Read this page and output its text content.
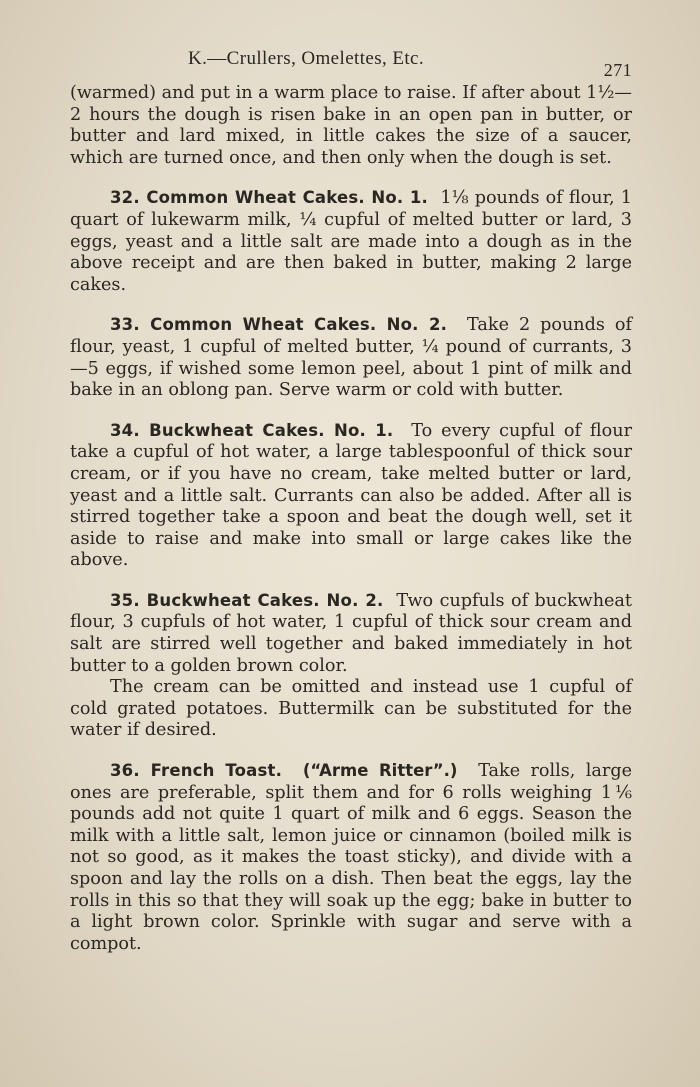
K.—Crullers, Omelettes, Etc.
271

(warmed) and put in a warm place to raise. If after about 1½—2 hours the dough is risen bake in an open pan in butter, or butter and lard mixed, in little cakes the size of a saucer, which are turned once, and then only when the dough is set.

32. Common Wheat Cakes. No. 1. 1⅛ pounds of flour, 1 quart of lukewarm milk, ¼ cupful of melted butter or lard, 3 eggs, yeast and a little salt are made into a dough as in the above receipt and are then baked in butter, making 2 large cakes.

33. Common Wheat Cakes. No. 2. Take 2 pounds of flour, yeast, 1 cupful of melted butter, ¼ pound of currants, 3—5 eggs, if wished some lemon peel, about 1 pint of milk and bake in an oblong pan. Serve warm or cold with butter.

34. Buckwheat Cakes. No. 1. To every cupful of flour take a cupful of hot water, a large tablespoonful of thick sour cream, or if you have no cream, take melted butter or lard, yeast and a little salt. Currants can also be added. After all is stirred together take a spoon and beat the dough well, set it aside to raise and make into small or large cakes like the above.

35. Buckwheat Cakes. No. 2. Two cupfuls of buckwheat flour, 3 cupfuls of hot water, 1 cupful of thick sour cream and salt are stirred well together and baked immediately in hot butter to a golden brown color.

The cream can be omitted and instead use 1 cupful of cold grated potatoes. Buttermilk can be substituted for the water if desired.

36. French Toast. (“Arme Ritter”.) Take rolls, large ones are preferable, split them and for 6 rolls weighing 1⅙ pounds add not quite 1 quart of milk and 6 eggs. Season the milk with a little salt, lemon juice or cinnamon (boiled milk is not so good, as it makes the toast sticky), and divide with a spoon and lay the rolls on a dish. Then beat the eggs, lay the rolls in this so that they will soak up the egg; bake in butter to a light brown color. Sprinkle with sugar and serve with a compot.
